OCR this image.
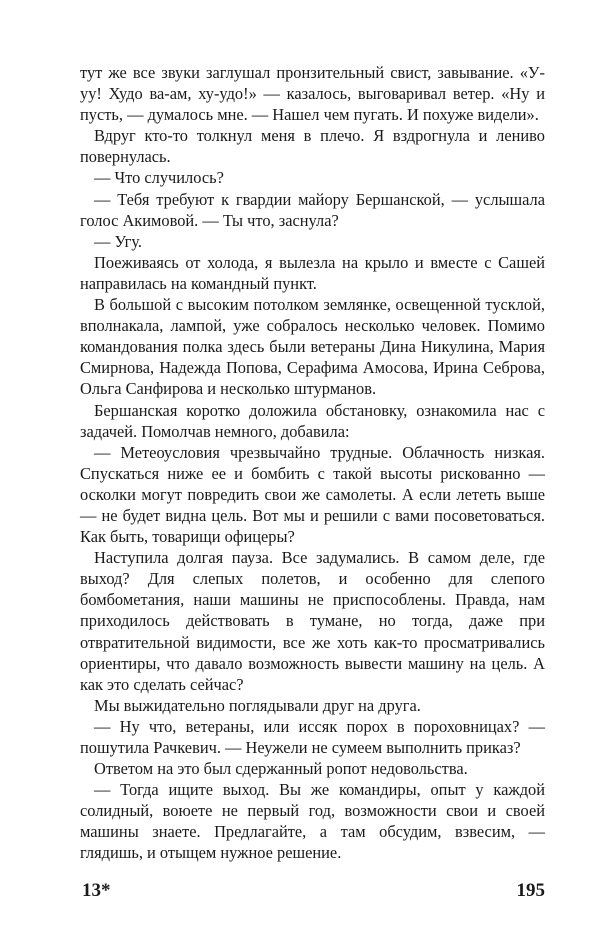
тут же все звуки заглушал пронзительный свист, завывание. «У-уу! Худо ва-ам, ху-удо!» — казалось, выговаривал ветер. «Ну и пусть, — думалось мне. — Нашел чем пугать. И похуже видели».

Вдруг кто-то толкнул меня в плечо. Я вздрогнула и лениво повернулась.

— Что случилось?

— Тебя требуют к гвардии майору Бершанской, — услышала голос Акимовой. — Ты что, заснула?

— Угу.

Поеживаясь от холода, я вылезла на крыло и вместе с Сашей направилась на командный пункт.

В большой с высоким потолком землянке, освещенной тусклой, вполнакала, лампой, уже собралось несколько человек. Помимо командования полка здесь были ветераны Дина Никулина, Мария Смирнова, Надежда Попова, Серафима Амосова, Ирина Себрова, Ольга Санфирова и несколько штурманов.

Бершанская коротко доложила обстановку, ознакомила нас с задачей. Помолчав немного, добавила:

— Метеоусловия чрезвычайно трудные. Облачность низкая. Спускаться ниже ее и бомбить с такой высоты рискованно — осколки могут повредить свои же самолеты. А если лететь выше — не будет видна цель. Вот мы и решили с вами посоветоваться. Как быть, товарищи офицеры?

Наступила долгая пауза. Все задумались. В самом деле, где выход? Для слепых полетов, и особенно для слепого бомбометания, наши машины не приспособлены. Правда, нам приходилось действовать в тумане, но тогда, даже при отвратительной видимости, все же хоть как-то просматривались ориентиры, что давало возможность вывести машину на цель. А как это сделать сейчас?

Мы выжидательно поглядывали друг на друга.

— Ну что, ветераны, или иссяк порох в пороховницах? — пошутила Рачкевич. — Неужели не сумеем выполнить приказ?

Ответом на это был сдержанный ропот недовольства.

— Тогда ищите выход. Вы же командиры, опыт у каждой солидный, воюете не первый год, возможности свои и своей машины знаете. Предлагайте, а там обсудим, взвесим, — глядишь, и отыщем нужное решение.

13*	195
